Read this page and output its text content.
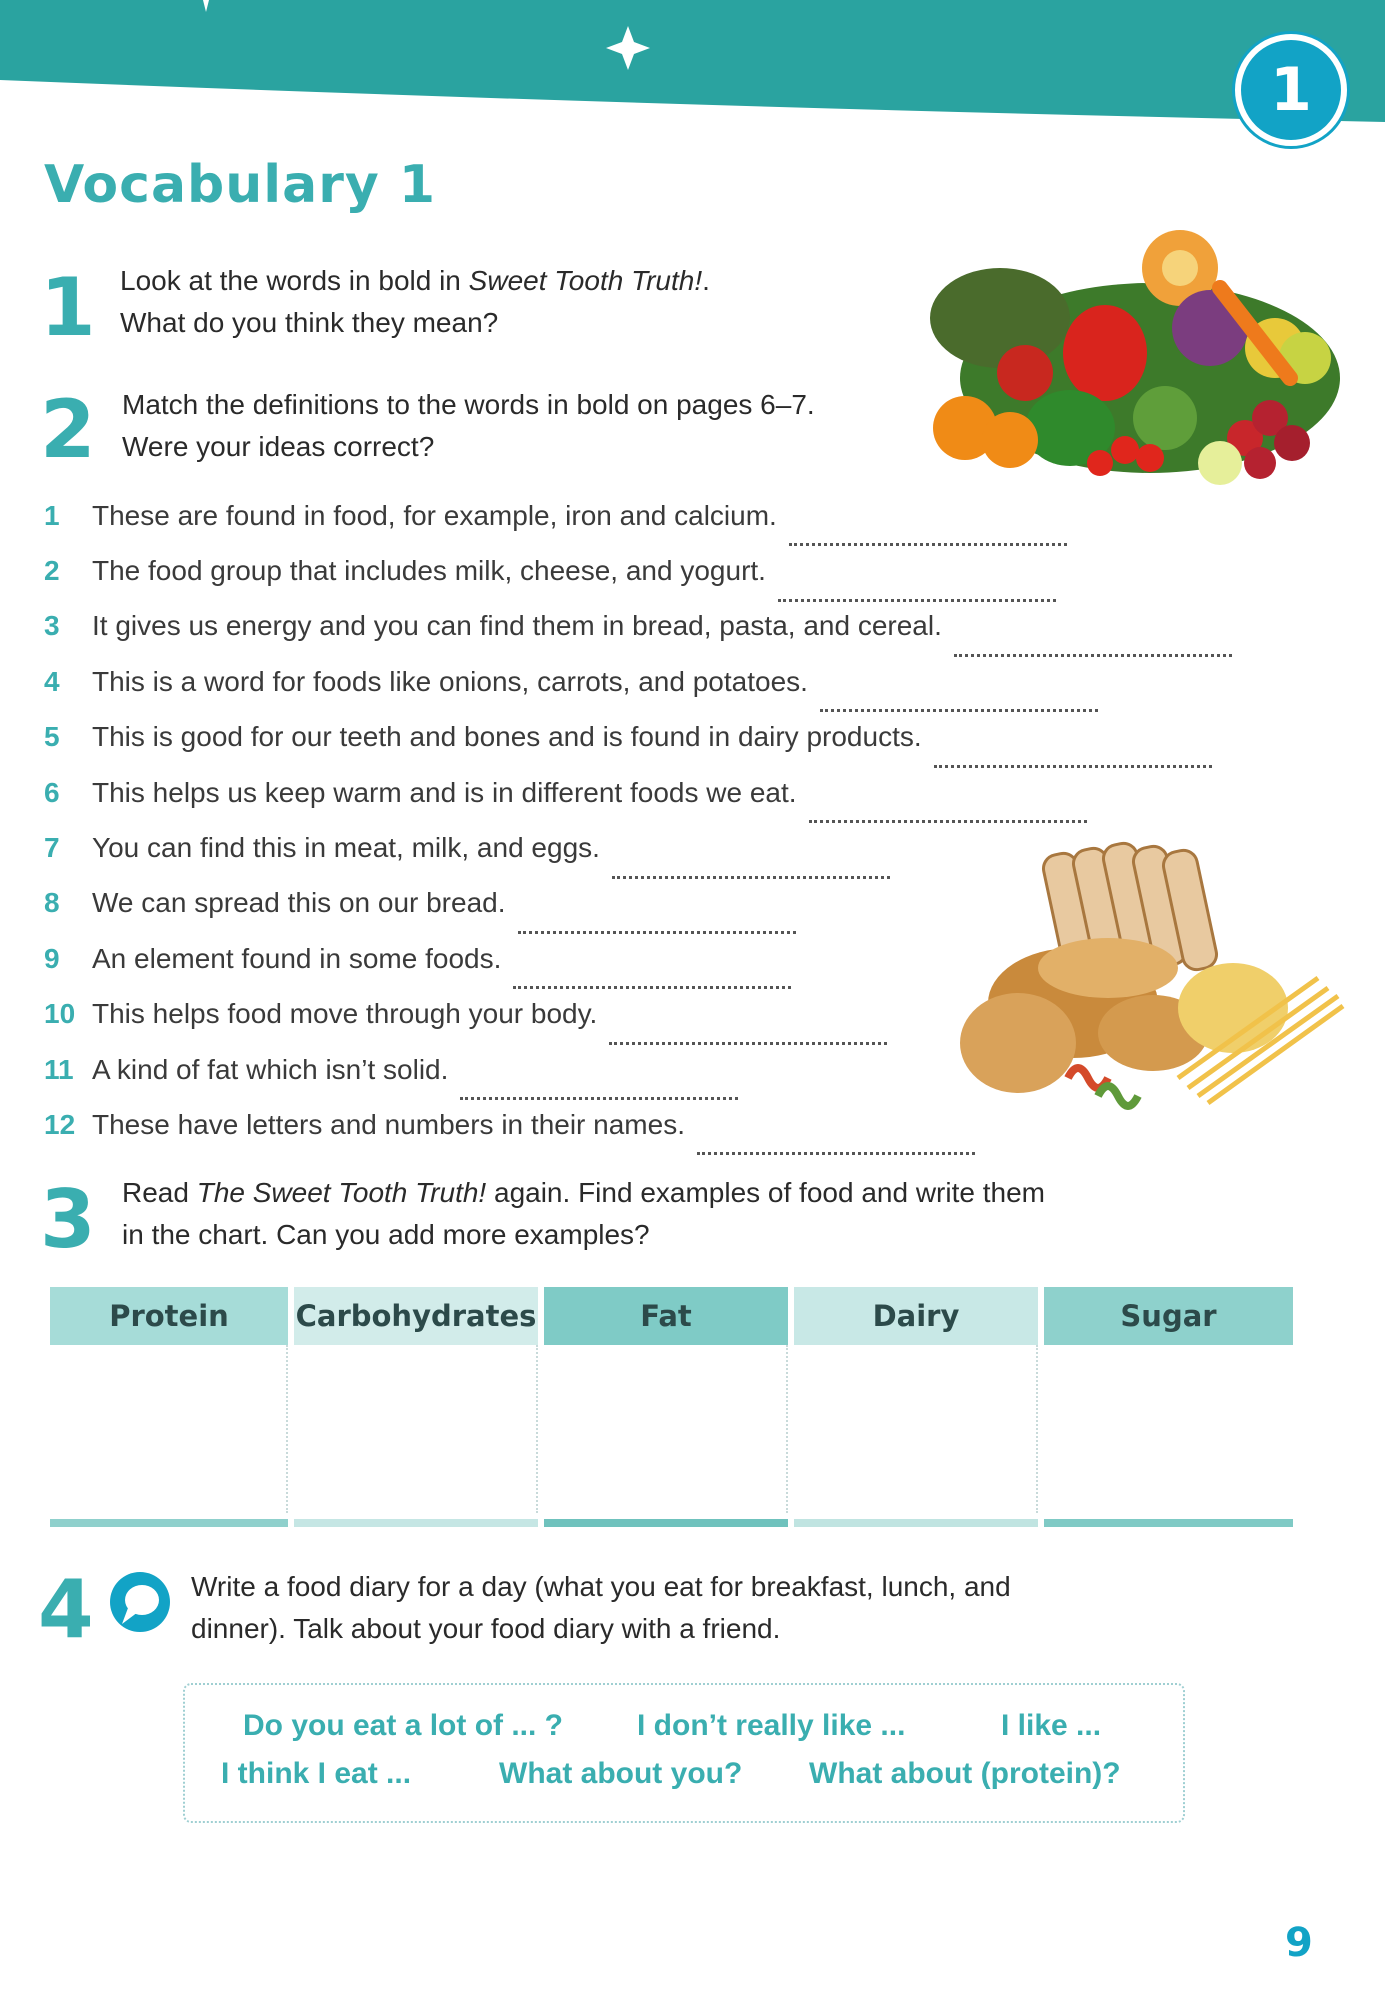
1
Vocabulary 1
1 Look at the words in bold in Sweet Tooth Truth!.

What do you think they mean?

2 Match the definitions to the words in bold on pages 6–7.

Were your ideas correct?

1	These are found in food, for example, iron and calcium.
2	The food group that includes milk, cheese, and yogurt.
3	It gives us energy and you can find them in bread, pasta, and cereal.
4	This is a word for foods like onions, carrots, and potatoes.
5	This is good for our teeth and bones and is found in dairy products.
6	This helps us keep warm and is in different foods we eat.
7	You can find this in meat, milk, and eggs.
8	We can spread this on our bread.
9	An element found in some foods.
10 This helps food move through your body.
11 A kind of fat which isn’t solid.
12 These have letters and numbers in their names.
3 Read The Sweet Tooth Truth! again. Find examples of food and write them

in the chart. Can you add more examples?

Protein	Carbohydrates	Fat	Dairy	Sugar
4	Write a food diary for a day (what you eat for breakfast, lunch, and

dinner). Talk about your food diary with a friend.

Do you eat a lot of ... ? I don’t really like ...	I like ...
I think I eat ...	What about you? What about (protein)?
9
